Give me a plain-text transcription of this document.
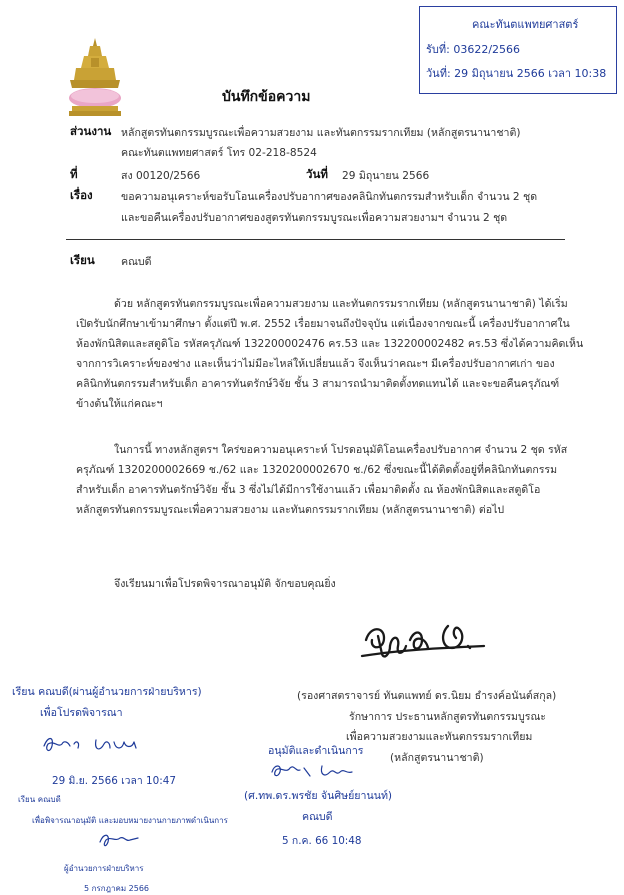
คณะทันตแพทยศาสตร์
รับที่: 03622/2566
วันที่: 29 มิถุนายน 2566 เวลา 10:38
บันทึกข้อความ
ส่วนงาน หลักสูตรทันตกรรมบูรณะเพื่อความสวยงาม และทันตกรรมรากเทียม (หลักสูตรนานาชาติ)
คณะทันตแพทยศาสตร์ โทร 02-218-8524
ที่	สง 00120/2566	วันที่ 29 มิถุนายน 2566
เรื่อง	ขอความอนุเคราะห์ขอรับโอนเครื่องปรับอากาศของคลินิกทันตกรรมสำหรับเด็ก จำนวน 2 ชุด
และขอคืนเครื่องปรับอากาศของสูตรทันตกรรมบูรณะเพื่อความสวยงามฯ จำนวน 2 ชุด
เรียน คณบดี
ด้วย หลักสูตรทันตกรรมบูรณะเพื่อความสวยงาม และทันตกรรมรากเทียม (หลักสูตรนานาชาติ) ได้เริ่ม
เปิดรับนักศึกษาเข้ามาศึกษา ตั้งแต่ปี พ.ศ. 2552 เรื่อยมาจนถึงปัจจุบัน แต่เนื่องจากขณะนี้ เครื่องปรับอากาศใน
ห้องพักนิสิตและสตูดิโอ รหัสครุภัณฑ์ 132200002476 คร.53 และ 132200002482 คร.53 ซึ่งได้ความคิดเห็น
จากการวิเคราะห์ของช่าง และเห็นว่าไม่มีอะไหล่ให้เปลี่ยนแล้ว จึงเห็นว่าคณะฯ มีเครื่องปรับอากาศเก่า ของ
คลินิกทันตกรรมสำหรับเด็ก อาคารทันตรักษ์วิจัย ชั้น 3 สามารถนำมาติดตั้งทดแทนได้ และจะขอคืนครุภัณฑ์
ข้างต้นให้แก่คณะฯ
ในการนี้ ทางหลักสูตรฯ ใคร่ขอความอนุเคราะห์ โปรดอนุมัติโอนเครื่องปรับอากาศ จำนวน 2 ชุด รหัส
ครุภัณฑ์ 1320200002669 ช./62 และ 1320200002670 ช./62 ซึ่งขณะนี้ได้ติดตั้งอยู่ที่คลินิกทันตกรรม
สำหรับเด็ก อาคารทันตรักษ์วิจัย ชั้น 3 ซึ่งไม่ได้มีการใช้งานแล้ว เพื่อมาติดตั้ง ณ ห้องพักนิสิตและสตูดิโอ
หลักสูตรทันตกรรมบูรณะเพื่อความสวยงาม และทันตกรรมรากเทียม (หลักสูตรนานาชาติ) ต่อไป
จึงเรียนมาเพื่อโปรดพิจารณาอนุมัติ จักขอบคุณยิ่ง
(รองศาสตราจารย์ ทันตแพทย์ ดร.นิยม ธำรงค์อนันต์สกุล)
รักษาการ ประธานหลักสูตรทันตกรรมบูรณะ
เพื่อความสวยงามและทันตกรรมรากเทียม
(หลักสูตรนานาชาติ)
เรียน คณบดี(ผ่านผู้อำนวยการฝ่ายบริหาร)
เพื่อโปรดพิจารณา
29 มิ.ย. 2566 เวลา 10:47
เรียน คณบดี
เพื่อพิจารณาอนุมัติ และมอบหมายงานกายภาพดำเนินการ
ผู้อำนวยการฝ่ายบริหาร
5 กรกฎาคม 2566
อนุมัติและดำเนินการ
(ศ.ทพ.ดร.พรชัย จันศิษย์ยานนท์)
คณบดี
5 ก.ค. 66 10:48
